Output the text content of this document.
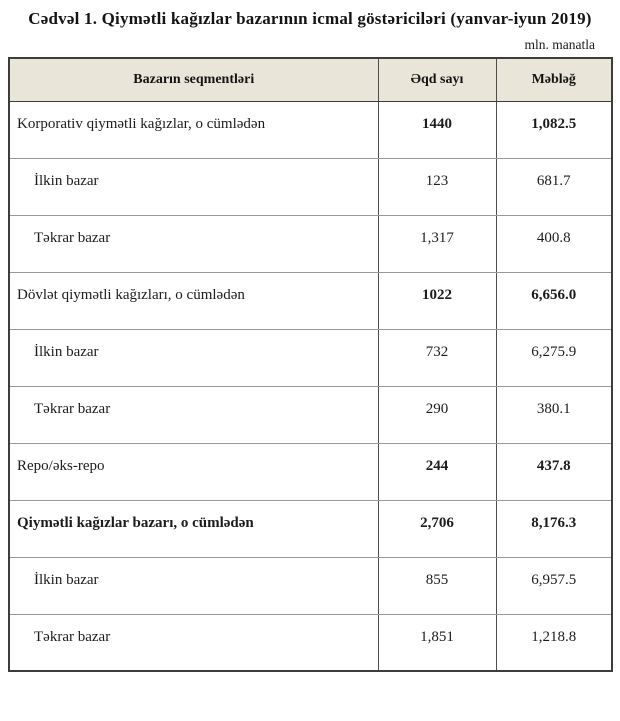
Cədvəl 1. Qiymətli kağızlar bazarının icmal göstəriciləri (yanvar-iyun 2019)
mln. manatla
Bazarın seqmentləri	Əqd sayı	Məbləğ
Korporativ qiymətli kağızlar, o cümlədən	1440	1,082.5
İlkin bazar	123	681.7
Təkrar bazar	1,317	400.8
Dövlət qiymətli kağızları, o cümlədən	1022	6,656.0
İlkin bazar	732	6,275.9
Təkrar bazar	290	380.1
Repo/əks-repo	244	437.8
Qiymətli kağızlar bazarı, o cümlədən	2,706	8,176.3
İlkin bazar	855	6,957.5
Təkrar bazar	1,851	1,218.8
